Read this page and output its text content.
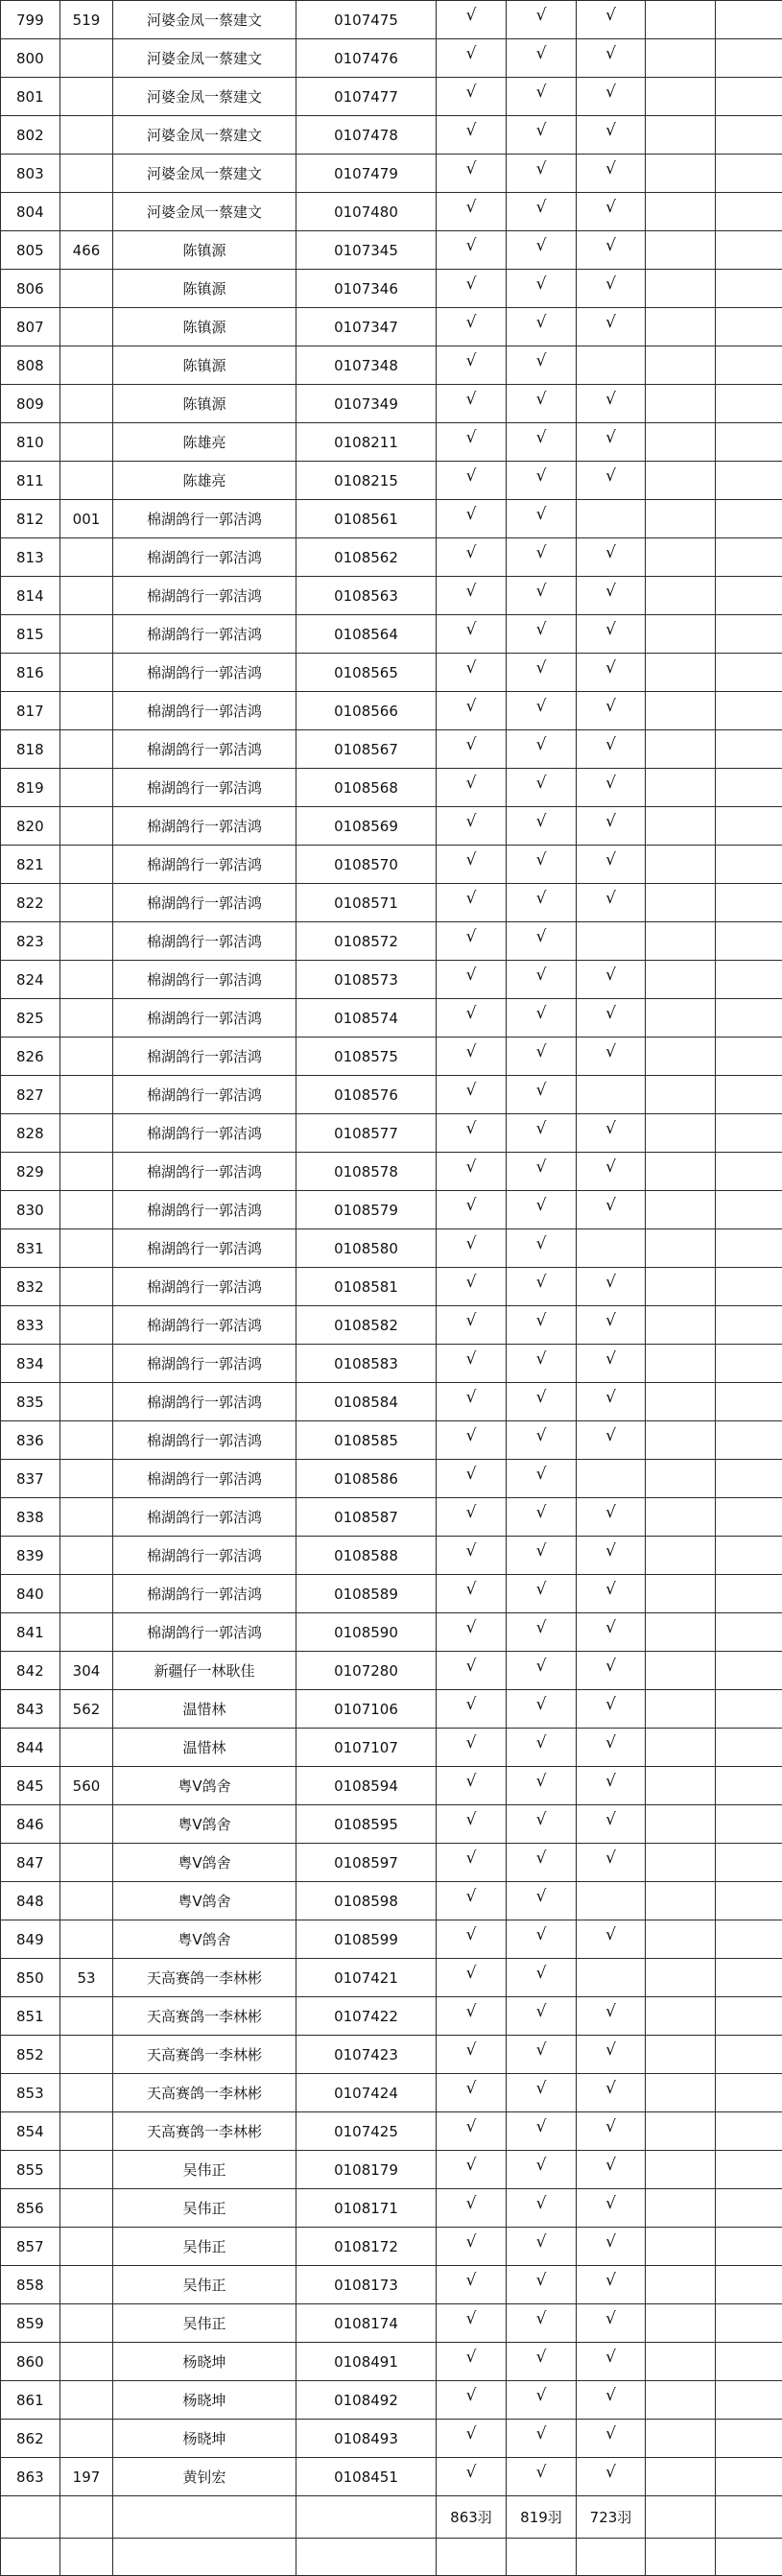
799	519	河婆金凤一蔡建文	0107475	√	√	√		
800		河婆金凤一蔡建文	0107476	√	√	√		
801		河婆金凤一蔡建文	0107477	√	√	√		
802		河婆金凤一蔡建文	0107478	√	√	√		
803		河婆金凤一蔡建文	0107479	√	√	√		
804		河婆金凤一蔡建文	0107480	√	√	√		
805	466	陈镇源	0107345	√	√	√		
806		陈镇源	0107346	√	√	√		
807		陈镇源	0107347	√	√	√		
808		陈镇源	0107348	√	√			
809		陈镇源	0107349	√	√	√		
810		陈雄亮	0108211	√	√	√		
811		陈雄亮	0108215	√	√	√		
812	001	棉湖鸽行一郭洁鸿	0108561	√	√			
813		棉湖鸽行一郭洁鸿	0108562	√	√	√		
814		棉湖鸽行一郭洁鸿	0108563	√	√	√		
815		棉湖鸽行一郭洁鸿	0108564	√	√	√		
816		棉湖鸽行一郭洁鸿	0108565	√	√	√		
817		棉湖鸽行一郭洁鸿	0108566	√	√	√		
818		棉湖鸽行一郭洁鸿	0108567	√	√	√		
819		棉湖鸽行一郭洁鸿	0108568	√	√	√		
820		棉湖鸽行一郭洁鸿	0108569	√	√	√		
821		棉湖鸽行一郭洁鸿	0108570	√	√	√		
822		棉湖鸽行一郭洁鸿	0108571	√	√	√		
823		棉湖鸽行一郭洁鸿	0108572	√	√			
824		棉湖鸽行一郭洁鸿	0108573	√	√	√		
825		棉湖鸽行一郭洁鸿	0108574	√	√	√		
826		棉湖鸽行一郭洁鸿	0108575	√	√	√		
827		棉湖鸽行一郭洁鸿	0108576	√	√			
828		棉湖鸽行一郭洁鸿	0108577	√	√	√		
829		棉湖鸽行一郭洁鸿	0108578	√	√	√		
830		棉湖鸽行一郭洁鸿	0108579	√	√	√		
831		棉湖鸽行一郭洁鸿	0108580	√	√			
832		棉湖鸽行一郭洁鸿	0108581	√	√	√		
833		棉湖鸽行一郭洁鸿	0108582	√	√	√		
834		棉湖鸽行一郭洁鸿	0108583	√	√	√		
835		棉湖鸽行一郭洁鸿	0108584	√	√	√		
836		棉湖鸽行一郭洁鸿	0108585	√	√	√		
837		棉湖鸽行一郭洁鸿	0108586	√	√			
838		棉湖鸽行一郭洁鸿	0108587	√	√	√		
839		棉湖鸽行一郭洁鸿	0108588	√	√	√		
840		棉湖鸽行一郭洁鸿	0108589	√	√	√		
841		棉湖鸽行一郭洁鸿	0108590	√	√	√		
842	304	新疆仔一林耿佳	0107280	√	√	√		
843	562	温惜林	0107106	√	√	√		
844		温惜林	0107107	√	√	√		
845	560	粤V鸽舍	0108594	√	√	√		
846		粤V鸽舍	0108595	√	√	√		
847		粤V鸽舍	0108597	√	√	√		
848		粤V鸽舍	0108598	√	√			
849		粤V鸽舍	0108599	√	√	√		
850	53	天高赛鸽一李林彬	0107421	√	√			
851		天高赛鸽一李林彬	0107422	√	√	√		
852		天高赛鸽一李林彬	0107423	√	√	√		
853		天高赛鸽一李林彬	0107424	√	√	√		
854		天高赛鸽一李林彬	0107425	√	√	√		
855		吴伟正	0108179	√	√	√		
856		吴伟正	0108171	√	√	√		
857		吴伟正	0108172	√	√	√		
858		吴伟正	0108173	√	√	√		
859		吴伟正	0108174	√	√	√		
860		杨晓坤	0108491	√	√	√		
861		杨晓坤	0108492	√	√	√		
862		杨晓坤	0108493	√	√	√		
863	197	黄钊宏	0108451	√	√	√		
				863羽	819羽	723羽		
